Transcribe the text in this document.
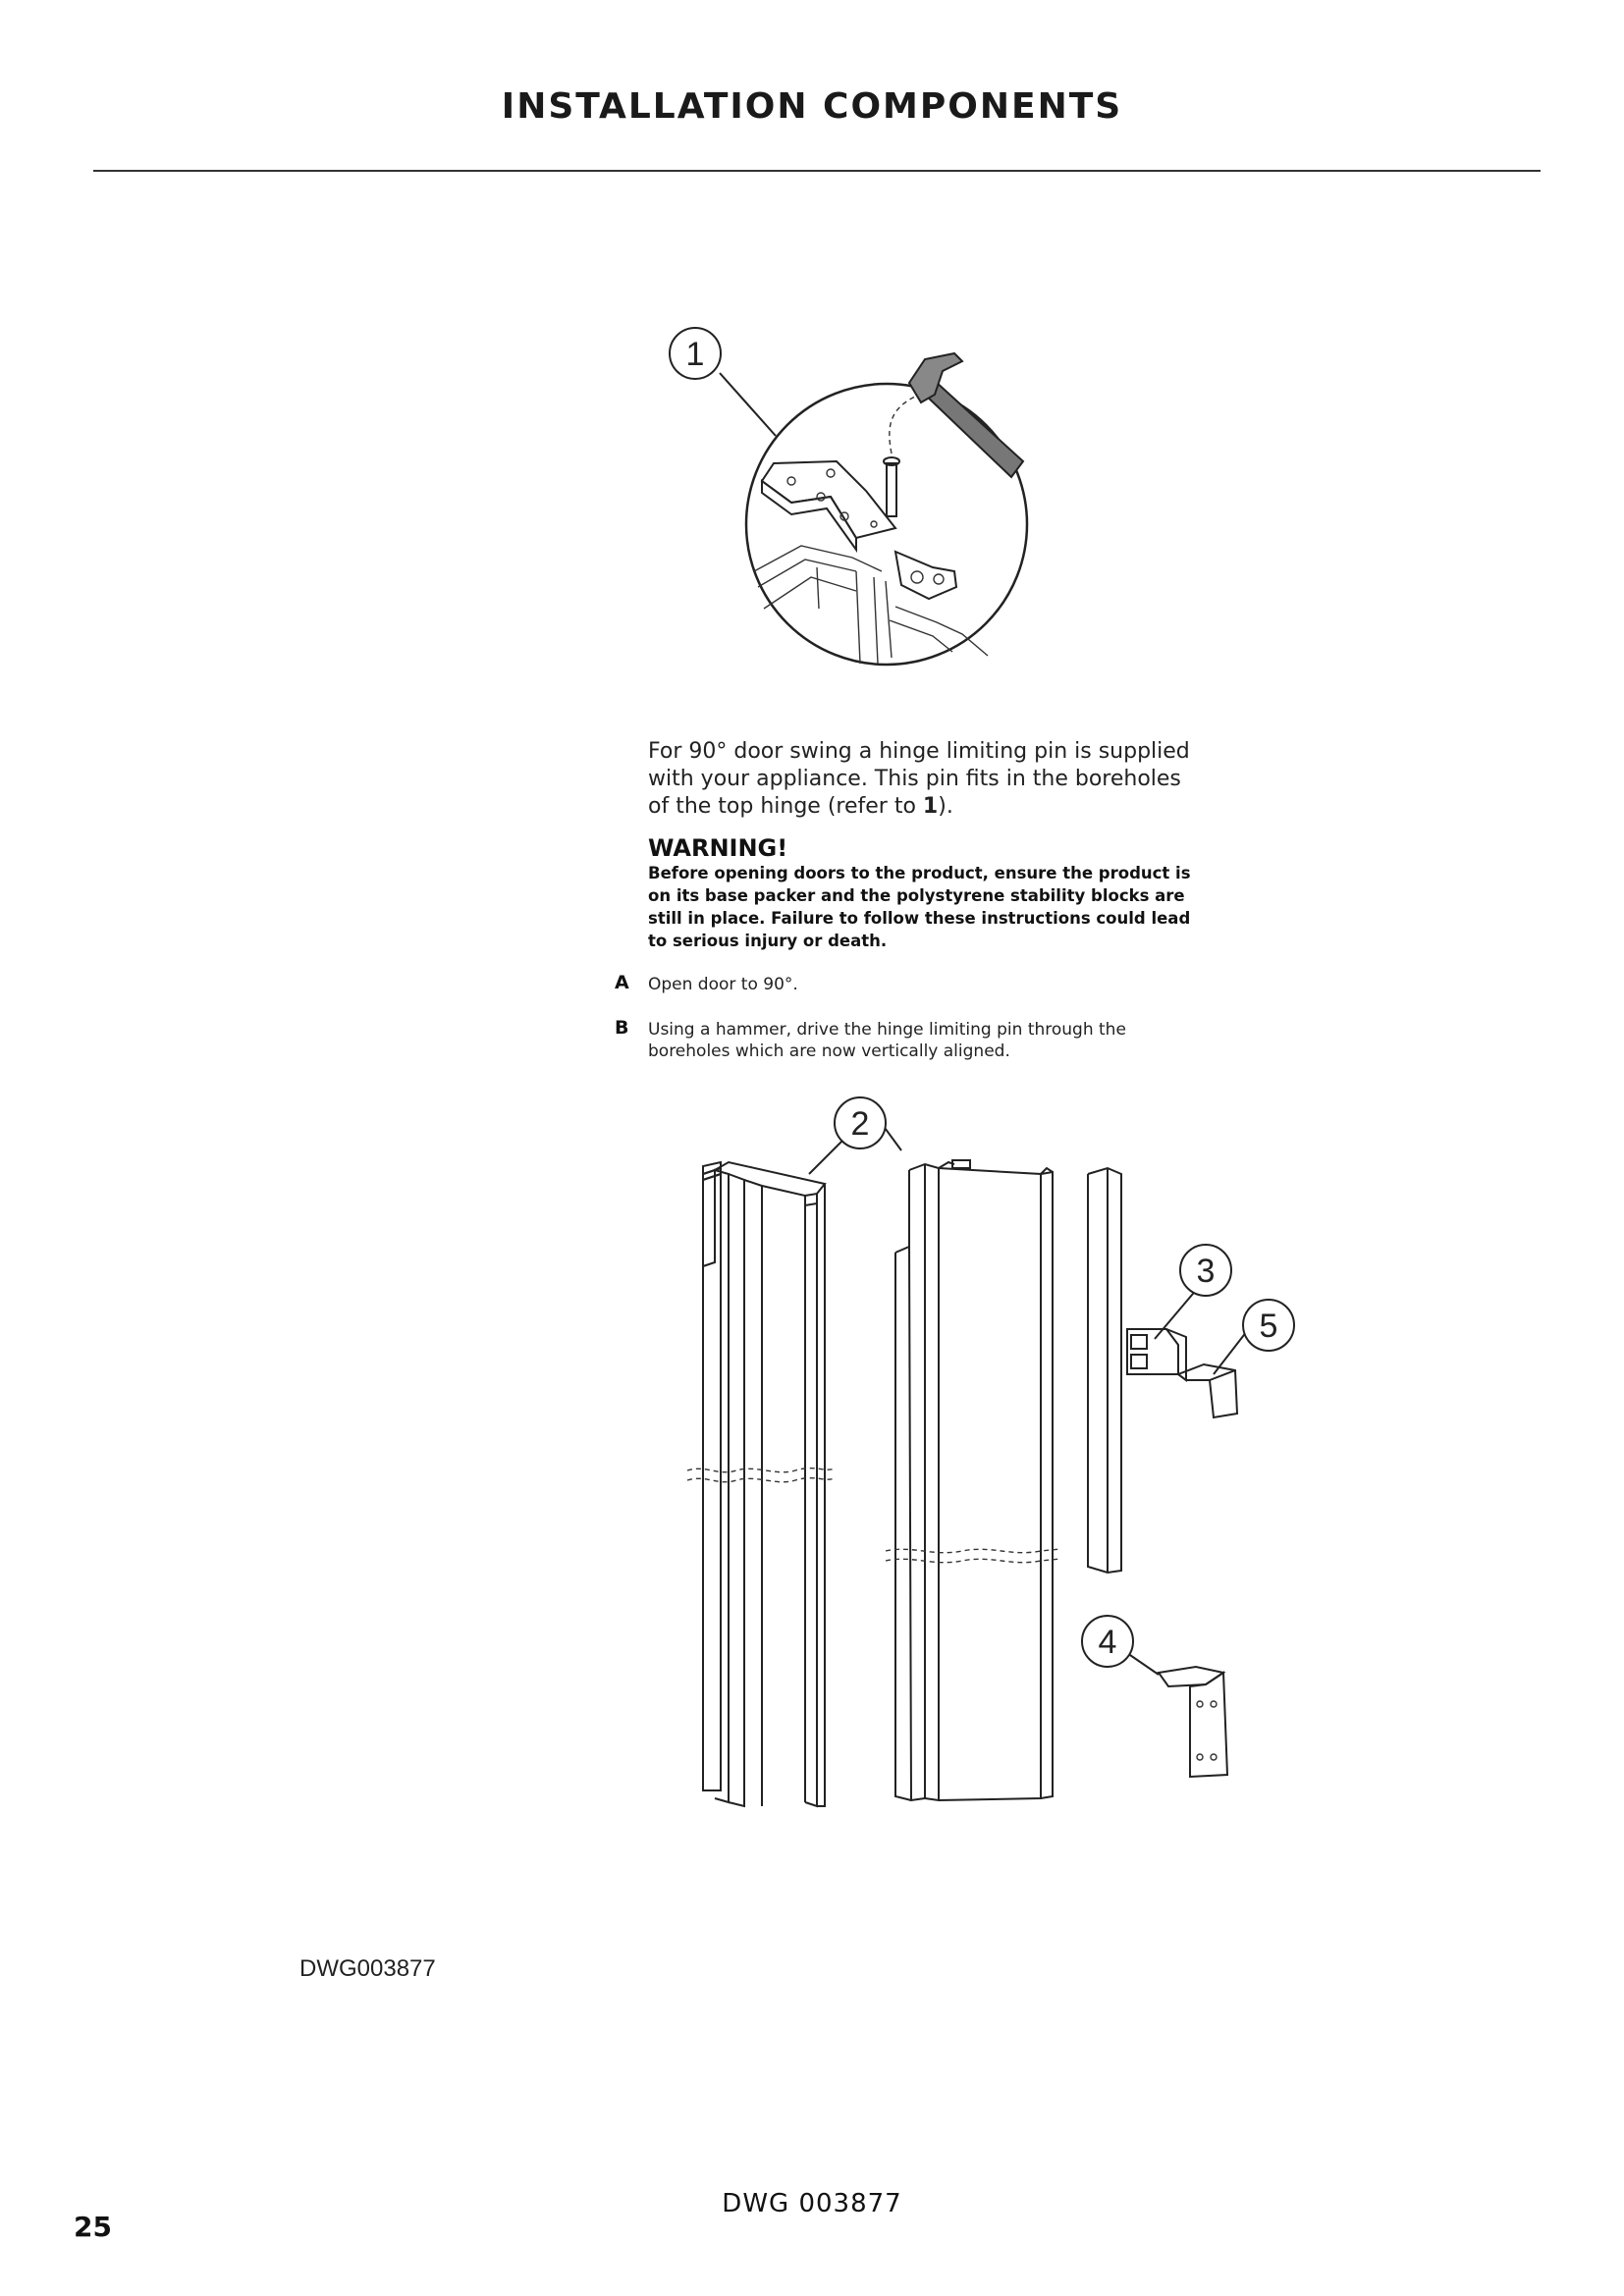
INSTALLATION COMPONENTS
1
For 90° door swing a hinge limiting pin is supplied with your appliance. This pin fits in the boreholes of the top hinge (refer to 1).
WARNING!
Before opening doors to the product, ensure the product is on its base packer and the polystyrene stability blocks are still in place. Failure to follow these instructions could lead to serious injury or death.
A Open door to 90°.
B Using a hammer, drive the hinge limiting pin through the boreholes which are now vertically aligned.
2
3
5
4
DWG003877
DWG 003877
25
